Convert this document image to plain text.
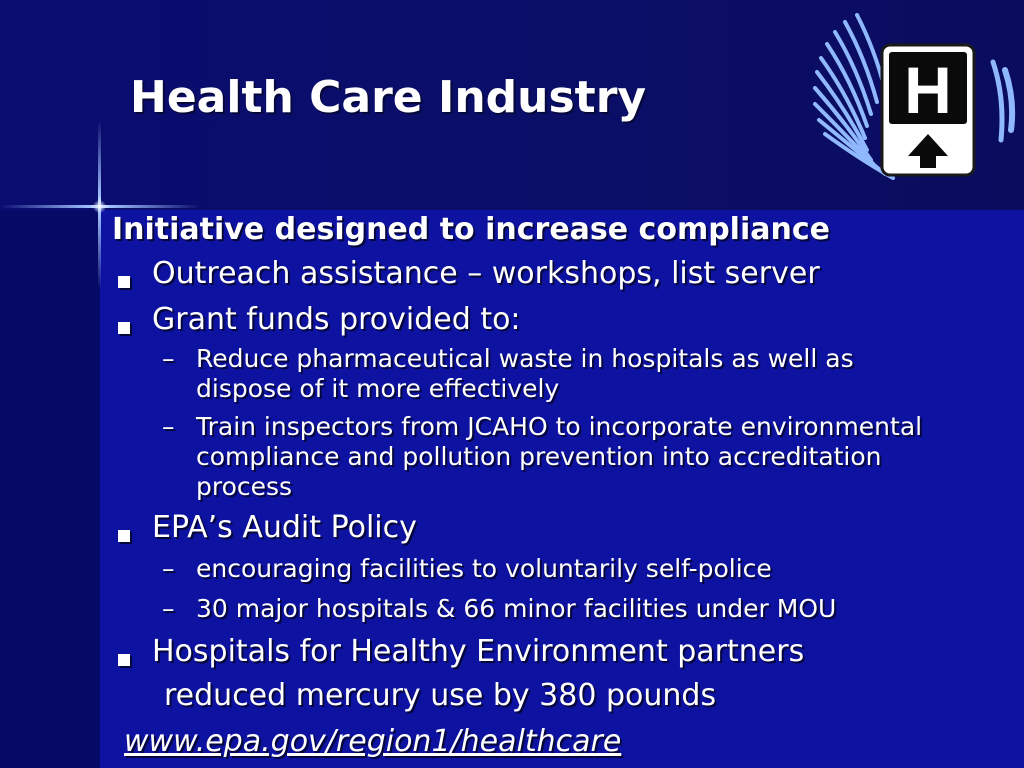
Health Care Industry	H
Initiative designed to increase compliance
Outreach assistance – workshops, list server
Grant funds provided to:
– Reduce pharmaceutical waste in hospitals as well as
dispose of it more effectively
– Train inspectors from JCAHO to incorporate environmental
compliance and pollution prevention into accreditation
process
EPA’s Audit Policy
– encouraging facilities to voluntarily self-police
– 30 major hospitals & 66 minor facilities under MOU
Hospitals for Healthy Environment partners
reduced mercury use by 380 pounds
www.epa.gov/region1/healthcare
